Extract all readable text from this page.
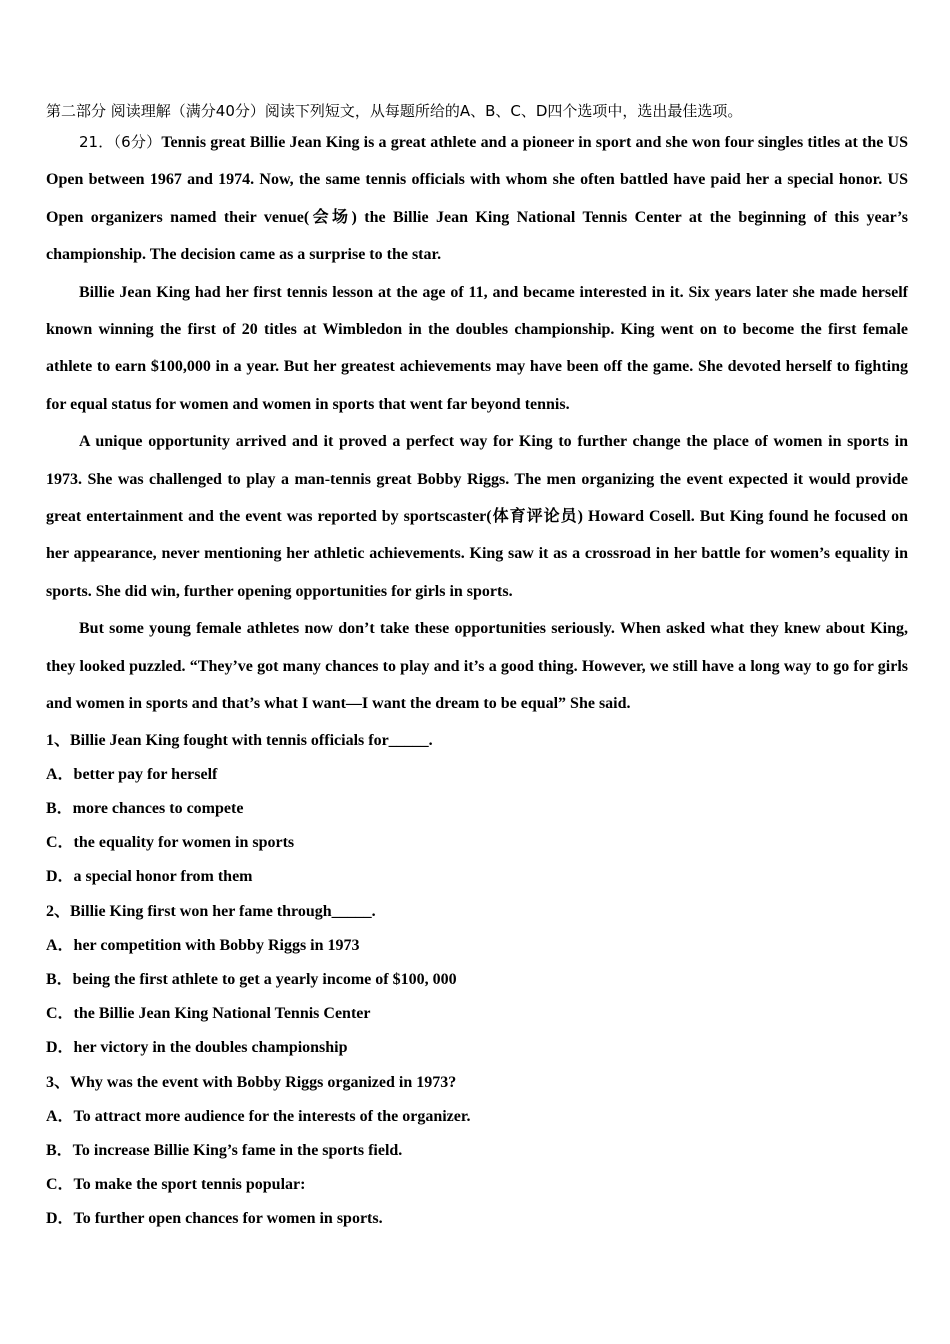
第二部分 阅读理解（满分40分）阅读下列短文，从每题所给的A、B、C、D四个选项中，选出最佳选项。

21．（6分）Tennis great Billie Jean King is a great athlete and a pioneer in sport and she won four singles titles at the US Open between 1967 and 1974. Now, the same tennis officials with whom she often battled have paid her a special honor. US Open organizers named their venue(会场) the Billie Jean King National Tennis Center at the beginning of this year’s championship. The decision came as a surprise to the star.

Billie Jean King had her first tennis lesson at the age of 11, and became interested in it. Six years later she made herself known winning the first of 20 titles at Wimbledon in the doubles championship. King went on to become the first female athlete to earn $100,000 in a year. But her greatest achievements may have been off the game. She devoted herself to fighting for equal status for women and women in sports that went far beyond tennis.

A unique opportunity arrived and it proved a perfect way for King to further change the place of women in sports in 1973. She was challenged to play a man-tennis great Bobby Riggs. The men organizing the event expected it would provide great entertainment and the event was reported by sportscaster(体育评论员) Howard Cosell. But King found he focused on her appearance, never mentioning her athletic achievements. King saw it as a crossroad in her battle for women’s equality in sports. She did win, further opening opportunities for girls in sports.

But some young female athletes now don’t take these opportunities seriously. When asked what they knew about King, they looked puzzled. “They’ve got many chances to play and it’s a good thing. However, we still have a long way to go for girls and women in sports and that’s what I want—I want the dream to be equal” She said.

1、Billie Jean King fought with tennis officials for_____.

A．better pay for herself

B．more chances to compete

C．the equality for women in sports

D．a special honor from them

2、Billie King first won her fame through_____.

A．her competition with Bobby Riggs in 1973

B．being the first athlete to get a yearly income of $100, 000

C．the Billie Jean King National Tennis Center

D．her victory in the doubles championship

3、Why was the event with Bobby Riggs organized in 1973?

A．To attract more audience for the interests of the organizer.

B．To increase Billie King’s fame in the sports field.

C．To make the sport tennis popular:

D．To further open chances for women in sports.
